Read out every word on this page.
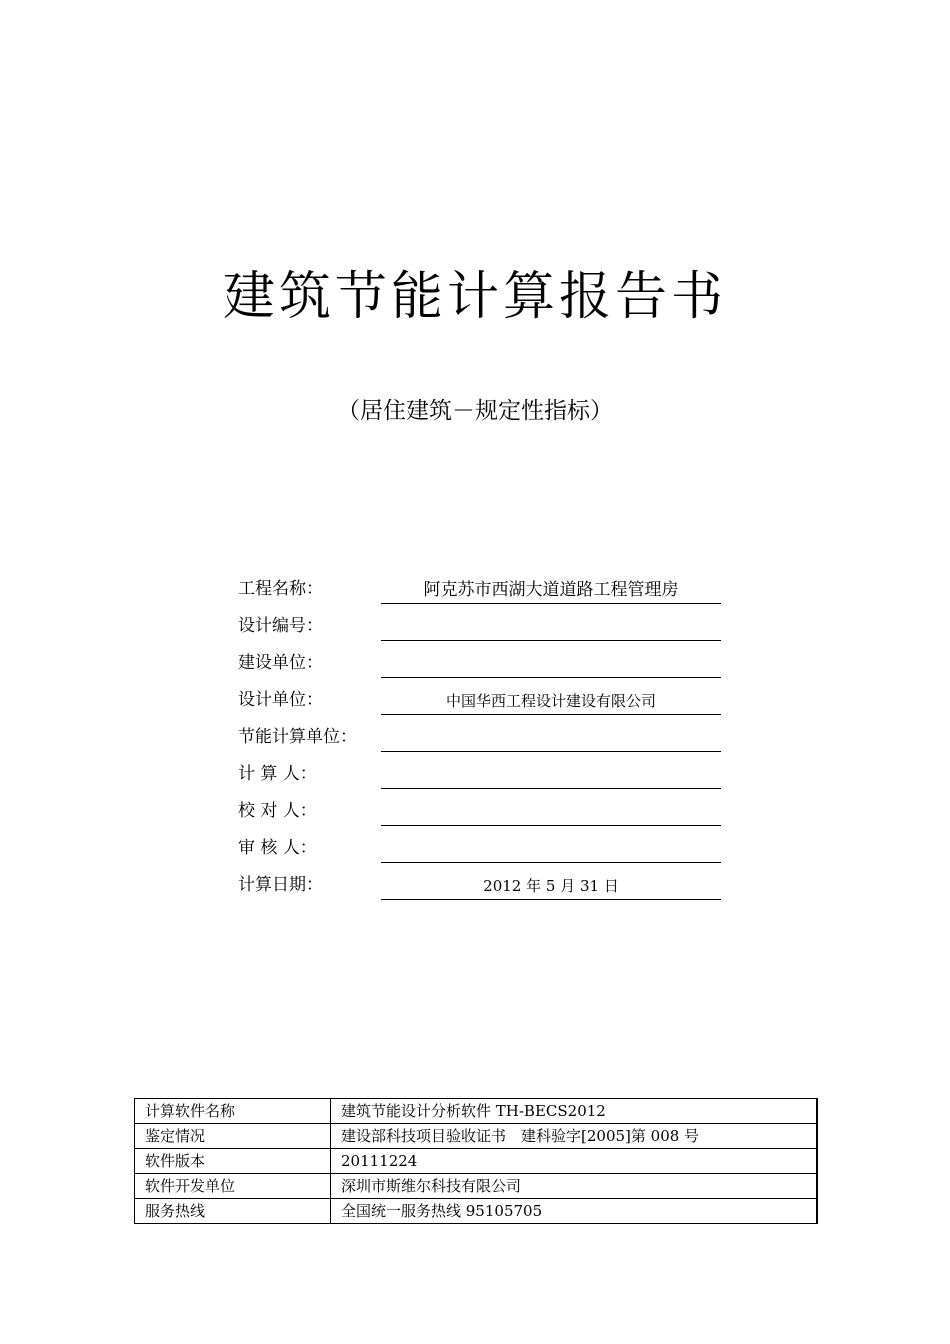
建筑节能计算报告书
（居住建筑－规定性指标）
工程名称：	阿克苏市西湖大道道路工程管理房
设计编号：
建设单位：
设计单位：	中国华西工程设计建设有限公司
节能计算单位：
计 算 人：
校 对 人：
审 核 人：
计算日期：	2012 年 5 月 31 日
计算软件名称	建筑节能设计分析软件 TH-BECS2012
鉴定情况	建设部科技项目验收证书　建科验字[2005]第 008 号
软件版本	20111224
软件开发单位	深圳市斯维尔科技有限公司
服务热线	全国统一服务热线 95105705
